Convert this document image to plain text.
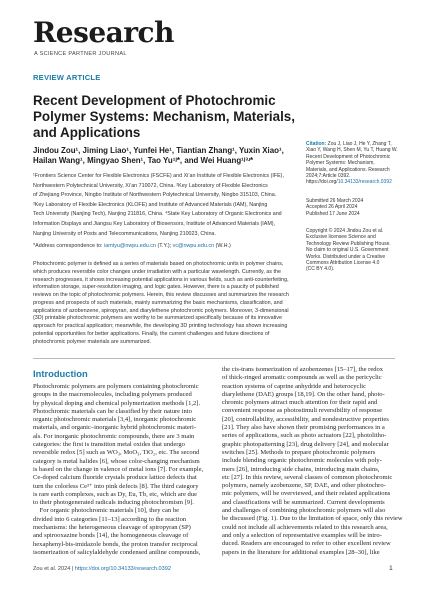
Research
A SCIENCE PARTNER JOURNAL
REVIEW ARTICLE
Recent Development of Photochromic
Polymer Systems: Mechanism, Materials,
and Applications
Jindou Zou¹, Jiming Liao¹, Yunfei He¹, Tiantian Zhang¹, Yuxin Xiao¹,
Hailan Wang¹, Mingyao Shen¹, Tao Yu¹ʲ*, and Wei Huang¹ʲ³ʴ*
¹Frontiers Science Center for Flexible Electronics (FSCFE) and Xi’an Institute of Flexible Electronics (IFE),
Northwestern Polytechnical University, Xi’an 710072, China. ²Key Laboratory of Flexible Electronics
of Zhejiang Province, Ningbo Institute of Northwestern Polytechnical University, Ningbo 315103, China.
³Key Laboratory of Flexible Electronics (KLOFE) and Institute of Advanced Materials (IAM), Nanjing
Tech University (Nanjing Tech), Nanjing 211816, China. ⁴State Key Laboratory of Organic Electronics and
Information Displays and Jiangsu Key Laboratory of Biosensors, Institute of Advanced Materials (IAM),
Nanjing University of Posts and Telecommunications, Nanjing 210023, China.
*Address correspondence to: iamtyu@nwpu.edu.cn (T.Y.); vc@nwpu.edu.cn (W.H.)
Photochromic polymer is defined as a series of materials based on photochromic units in polymer chains,
which produces reversible color changes under irradiation with a particular wavelength. Currently, as the
research progresses, it shows increasing potential applications in various fields, such as anti-counterfeiting,
information storage, super-resolution imaging, and logic gates. However, there is a paucity of published
reviews on the topic of photochromic polymers. Herein, this review discusses and summarizes the research
progress and prospects of such materials, mainly summarizing the basic mechanisms, classification, and
applications of azobenzene, spiropyran, and diarylethene photochromic polymers. Moreover, 3-dimensional
(3D) printable photochromic polymers are worthy to be summarized specifically because of its innovative
approach for practical application; meanwhile, the developing 3D printing technology has shown increasing
potential opportunities for better applications. Finally, the current challenges and future directions of
photochromic polymer materials are summarized.
Citation: Zou J, Liao J, He Y, Zhang T,
Xiao Y, Wang H, Shen M, Yu T, Huang W.
Recent Development of Photochromic
Polymer Systems: Mechanism,
Materials, and Applications. Research
2024;7:Article 0392.
https://doi.org/10.34133/research.0392
Submitted 26 March 2024
Accepted 26 April 2024
Published 17 June 2024
Copyright © 2024 Jindou Zou et al.
Exclusive licensee Science and
Technology Review Publishing House.
No claim to original U.S. Government
Works. Distributed under a Creative
Commons Attribution License 4.0
(CC BY 4.0).
Introduction
Photochromic polymers are polymers containing photochromic
groups in the macromolecules, including polymers produced
by physical doping and chemical polymerization methods [1,2].
Photochromic materials can be classified by their nature into
organic photochromic materials [3,4], inorganic photochromic
materials, and organic–inorganic hybrid photochromic materi-
als. For inorganic photochromic compounds, there are 3 main
categories: the first is transition metal oxides that undergo
reversible redox [5] such as WO₃, MoO₃, TiO₂, etc. The second
category is metal halides [6], whose color-changing mechanism
is based on the change in valence of metal ions [7]. For example,
Ce-doped calcium fluoride crystals produce lattice defects that
turn the colorless Ce³⁺ into pink defects [8]. The third category
is rare earth complexes, such as Dy, Eu, Tb, etc, which are due
to their photogenerated radicals inducing photochromism [9].
For organic photochromic materials [10], they can be
divided into 6 categories [11–13] according to the reaction
mechanisms: the heterogeneous cleavage of spiropyran (SP)
and spirooxazine bonds [14], the homogeneous cleavage of
hexaphenyl-bis-imidazole bonds, the proton transfer reciprocal
isomerization of salicylaldehyde condensed aniline compounds,
the cis-trans isomerization of azobenzenes [15–17], the redox
of thick-ringed aromatic compounds as well as the pericyclic
reaction systems of caprine anhydride and heterocyclic
diarylethene (DAE) groups [18,19]. On the other hand, photo-
chromic polymers attract much attention for their rapid and
convenient response as photostimuli reversibility of response
[20], controllability, accessibility, and nondestructive properties
[21]. They also have shown their promising performances in a
series of applications, such as photo actuators [22], photolitho-
graphic photopatterning [23], drug delivery [24], and molecular
switches [25]. Methods to prepare photochromic polymers
include blending organic photochromic molecules with poly-
mers [26], introducing side chains, introducing main chains,
etc [27]. In this review, several classes of common photochromic
polymers, namely azobenzene, SP, DAE, and other photochro-
mic polymers, will be overviewed, and their related applications
and classifications will be summarized. Current developments
and challenges of combining photochromic polymers will also
be discussed (Fig. 1). Due to the limitation of space, only this review
could not include all achievements related to this research area,
and only a selection of representative examples will be intro-
duced. Readers are encouraged to refer to other excellent review
papers in the literature for additional examples [28–30], like
Zou et al. 2024 | https://doi.org/10.34133/research.0392	1
